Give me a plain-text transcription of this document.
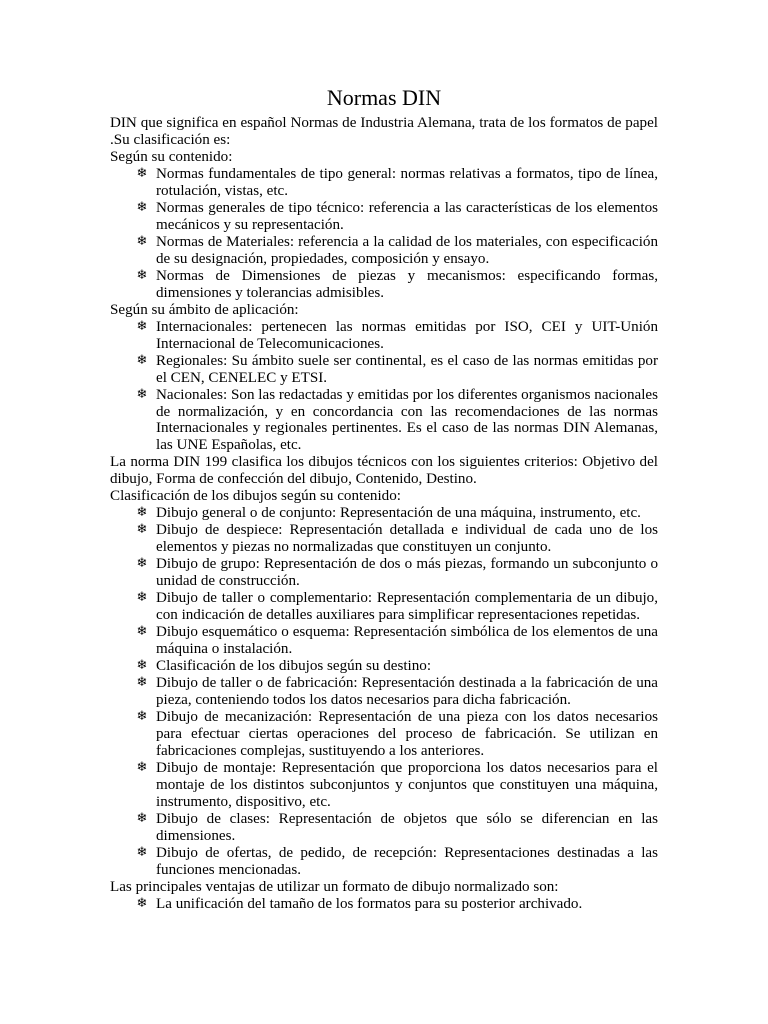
Normas DIN

DIN que significa en español Normas de Industria Alemana, trata de los formatos de papel .Su clasificación es:

Según su contenido:

❄ Normas fundamentales de tipo general: normas relativas a formatos, tipo de línea, rotulación, vistas, etc.
❄ Normas generales de tipo técnico: referencia a las características de los elementos mecánicos y su representación.
❄ Normas de Materiales: referencia a la calidad de los materiales, con especificación de su designación, propiedades, composición y ensayo.
❄ Normas de Dimensiones de piezas y mecanismos: especificando formas, dimensiones y tolerancias admisibles.

Según su ámbito de aplicación:

❄ Internacionales: pertenecen las normas emitidas por ISO, CEI y UIT-Unión Internacional de Telecomunicaciones.
❄ Regionales: Su ámbito suele ser continental, es el caso de las normas emitidas por el CEN, CENELEC y ETSI.
❄ Nacionales: Son las redactadas y emitidas por los diferentes organismos nacionales de normalización, y en concordancia con las recomendaciones de las normas Internacionales y regionales pertinentes. Es el caso de las normas DIN Alemanas, las UNE Españolas, etc.

La norma DIN 199 clasifica los dibujos técnicos con los siguientes criterios: Objetivo del dibujo, Forma de confección del dibujo, Contenido, Destino.

Clasificación de los dibujos según su contenido:

❄ Dibujo general o de conjunto: Representación de una máquina, instrumento, etc.
❄ Dibujo de despiece: Representación detallada e individual de cada uno de los elementos y piezas no normalizadas que constituyen un conjunto.
❄ Dibujo de grupo: Representación de dos o más piezas, formando un subconjunto o unidad de construcción.
❄ Dibujo de taller o complementario: Representación complementaria de un dibujo, con indicación de detalles auxiliares para simplificar representaciones repetidas.
❄ Dibujo esquemático o esquema: Representación simbólica de los elementos de una máquina o instalación.
❄ Clasificación de los dibujos según su destino:
❄ Dibujo de taller o de fabricación: Representación destinada a la fabricación de una pieza, conteniendo todos los datos necesarios para dicha fabricación.
❄ Dibujo de mecanización: Representación de una pieza con los datos necesarios para efectuar ciertas operaciones del proceso de fabricación. Se utilizan en fabricaciones complejas, sustituyendo a los anteriores.
❄ Dibujo de montaje: Representación que proporciona los datos necesarios para el montaje de los distintos subconjuntos y conjuntos que constituyen una máquina, instrumento, dispositivo, etc.
❄ Dibujo de clases: Representación de objetos que sólo se diferencian en las dimensiones.
❄ Dibujo de ofertas, de pedido, de recepción: Representaciones destinadas a las funciones mencionadas.

Las principales ventajas de utilizar un formato de dibujo normalizado son:

❄ La unificación del tamaño de los formatos para su posterior archivado.
